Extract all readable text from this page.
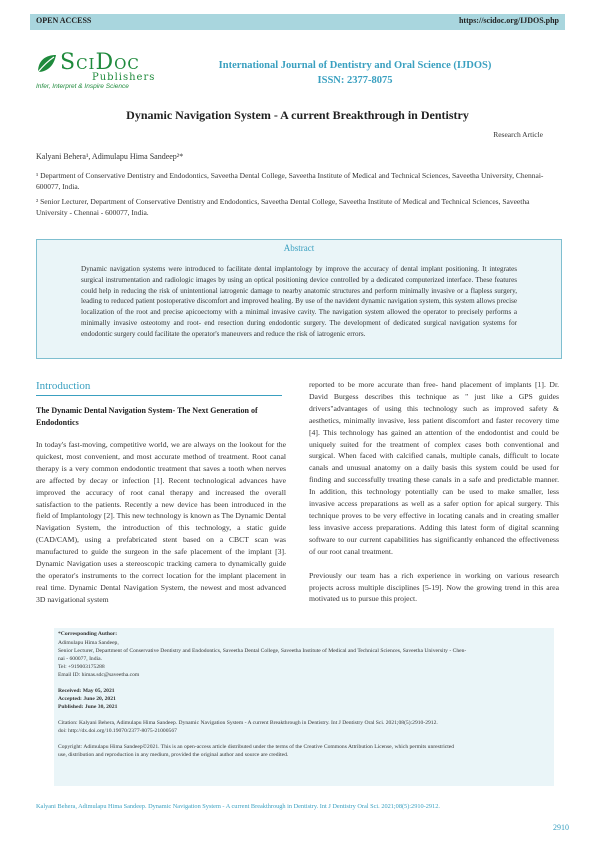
OPEN ACCESS	https://scidoc.org/IJDOS.php
SciDoc
Publishers
Infer, Interpret & Inspire Science
International Journal of Dentistry and Oral Science (IJDOS)
ISSN: 2377-8075
Dynamic Navigation System - A current Breakthrough in Dentistry
Research Article
Kalyani Behera¹, Adimulapu Hima Sandeep²*
¹ Department of Conservative Dentistry and Endodontics, Saveetha Dental College, Saveetha Institute of Medical and Technical Sciences, Saveetha University, Chennai- 600077, India.
² Senior Lecturer, Department of Conservative Dentistry and Endodontics, Saveetha Dental College, Saveetha Institute of Medical and Technical Sciences, Saveetha University - Chennai - 600077, India.
Abstract
Dynamic navigation systems were introduced to facilitate dental implantology by improve the accuracy of dental implant positioning. It integrates surgical instrumentation and radiologic images by using an optical positioning device controlled by a dedicated computerized interface. These features could help in reducing the risk of unintentional iatrogenic damage to nearby anatomic structures and perform minimally invasive or a flapless surgery, leading to reduced patient postoperative discomfort and improved healing. By use of the navident dynamic navigation system, this system allows precise localization of the root and precise apicoectomy with a minimal invasive cavity. The navigation system allowed the operator to precisely performs a minimally invasive osteotomy and root- end resection during endodontic surgery. The development of dedicated surgical navigation systems for endodontic surgery could facilitate the operator's maneuvers and reduce the risk of iatrogenic errors.
Introduction
The Dynamic Dental Navigation System- The Next Generation of Endodontics

In today's fast-moving, competitive world, we are always on the lookout for the quickest, most convenient, and most accurate method of treatment. Root canal therapy is a very common endodontic treatment that saves a tooth when nerves are affected by decay or infection [1]. Recent technological advances have improved the accuracy of root canal therapy and increased the overall satisfaction to the patients. Recently a new device has been introduced in the field of Implantology [2]. This new technology is known as The Dynamic Dental Navigation System, the introduction of this technology, a static guide (CAD/CAM), using a prefabricated stent based on a CBCT scan was manufactured to guide the surgeon in the safe placement of the implant [3]. Dynamic Navigation uses a stereoscopic tracking camera to dynamically guide the operator's instruments to the correct location for the implant placement in real time. Dynamic Dental Navigation System, the newest and most advanced 3D navigational system

reported to be more accurate than free- hand placement of implants [1]. Dr. David Burgess describes this technique as " just like a GPS guides drivers"advantages of using this technology such as improved safety & aesthetics, minimally invasive, less patient discomfort and faster recovery time [4]. This technology has gained an attention of the endodontist and could be uniquely suited for the treatment of complex cases both conventional and surgical. When faced with calcified canals, multiple canals, difficult to locate canals and unusual anatomy on a daily basis this system could be used for finding and successfully treating these canals in a safe and predictable manner. In addition, this technology potentially can be used to make smaller, less invasive access preparations as well as a safer option for apical surgery. This technique proves to be very effective in locating canals and in creating smaller less invasive access preparations. Adding this latest form of digital scanning software to our current capabilities has significantly enhanced the effectiveness of our root canal treatment.

Previously our team has a rich experience in working on various research projects across multiple disciplines [5-19]. Now the growing trend in this area motivated us to pursue this project.

*Corresponding Author:
Adimulapu Hima Sandeep,
Senior Lecturer, Department of Conservative Dentistry and Endodontics, Saveetha Dental College, Saveetha Institute of Medical and Technical Sciences, Saveetha University - Chen-
nai - 600077, India.
Tel: +919003175288
Email ID: himas.sdc@saveetha.com
Received: May 05, 2021
Accepted: June 20, 2021
Published: June 30, 2021
Citation: Kalyani Behera, Adimulapu Hima Sandeep. Dynamic Navigation System - A current Breakthrough in Dentistry. Int J Dentistry Oral Sci. 2021;08(5):2910-2912.
doi: http://dx.doi.org/10.19070/2377-8075-21000567
Copyright: Adimulapu Hima Sandeep©2021. This is an open-access article distributed under the terms of the Creative Commons Attribution License, which permits unrestricted
use, distribution and reproduction in any medium, provided the original author and source are credited.
Kalyani Behera, Adimulapu Hima Sandeep. Dynamic Navigation System - A current Breakthrough in Dentistry. Int J Dentistry Oral Sci. 2021;08(5):2910-2912.
2910
